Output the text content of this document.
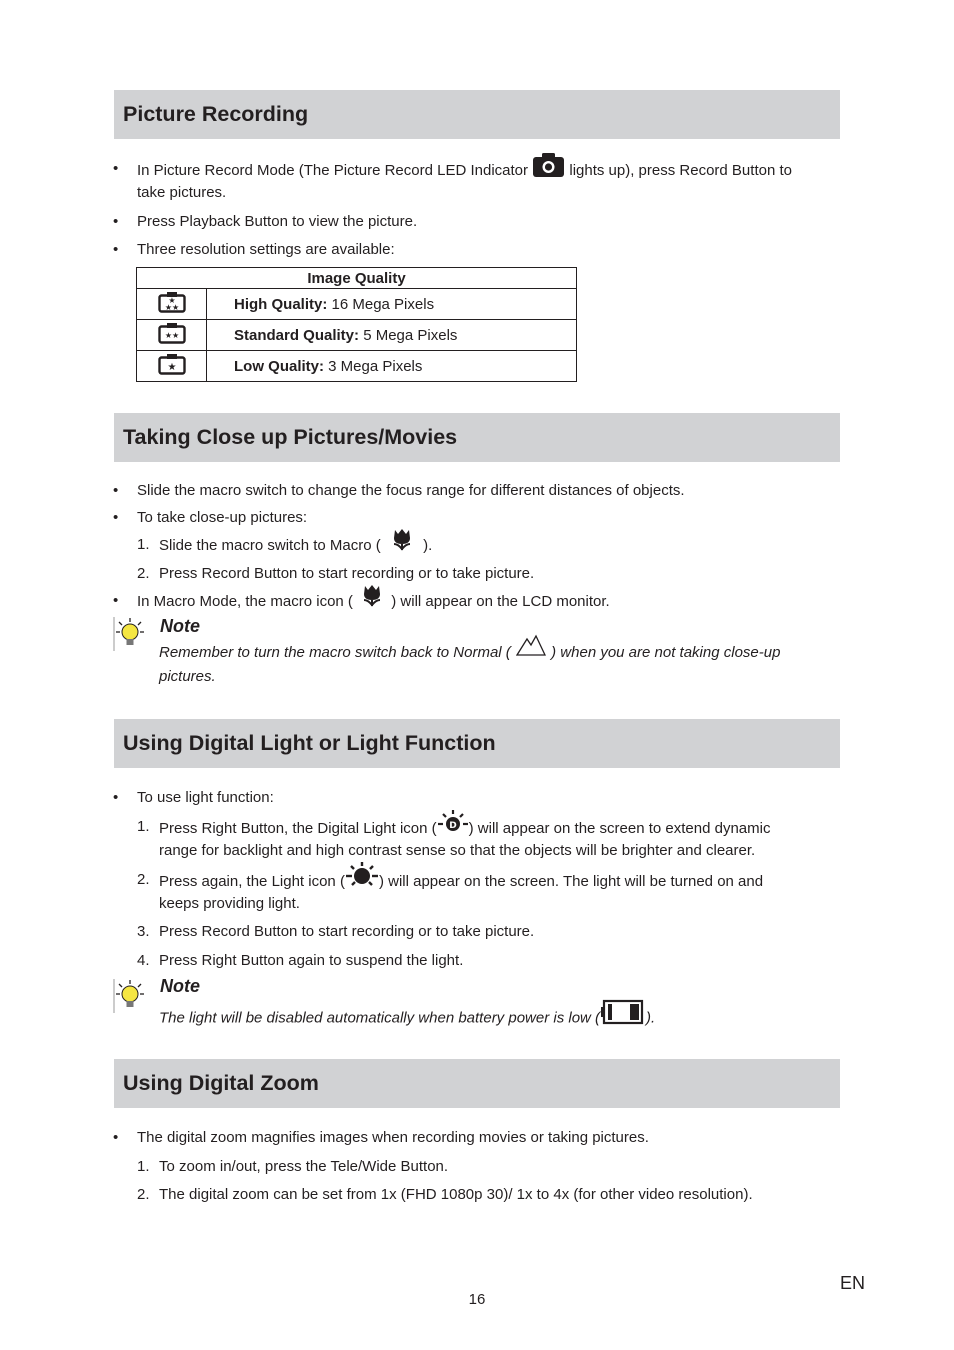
Picture Recording
• In Picture Record Mode (The Picture Record LED Indicator	lights up), press Record Button to
take pictures.
• Press Playback Button to view the picture.
• Three resolution settings are available:
Image Quality	

★
★★	High Quality: 16 Mega Pixels

★★	Standard Quality: 5 Mega Pixels

★	Low Quality: 3 Mega Pixels
Taking Close up Pictures/Movies
• Slide the macro switch to change the focus range for different distances of objects.
• To take close-up pictures:
1. Slide the macro switch to Macro (	).
2. Press Record Button to start recording or to take picture.
• In Macro Mode, the macro icon (	) will appear on the LCD monitor.
Note
Remember to turn the macro switch back to Normal (	) when you are not taking close-up
pictures.
Using Digital Light or Light Function
• To use light function:
1. Press Right Button, the Digital Light icon ( D ) will appear on the screen to extend dynamic
range for backlight and high contrast sense so that the objects will be brighter and clearer.
2. Press again, the Light icon ( ) will appear on the screen. The light will be turned on and
keeps providing light.
3. Press Record Button to start recording or to take picture.
4. Press Right Button again to suspend the light.
Note
The light will be disabled automatically when battery power is low (	).
Using Digital Zoom
• The digital zoom magnifies images when recording movies or taking pictures.
1. To zoom in/out, press the Tele/Wide Button.
2. The digital zoom can be set from 1x (FHD 1080p 30)/ 1x to 4x (for other video resolution).
EN
16
